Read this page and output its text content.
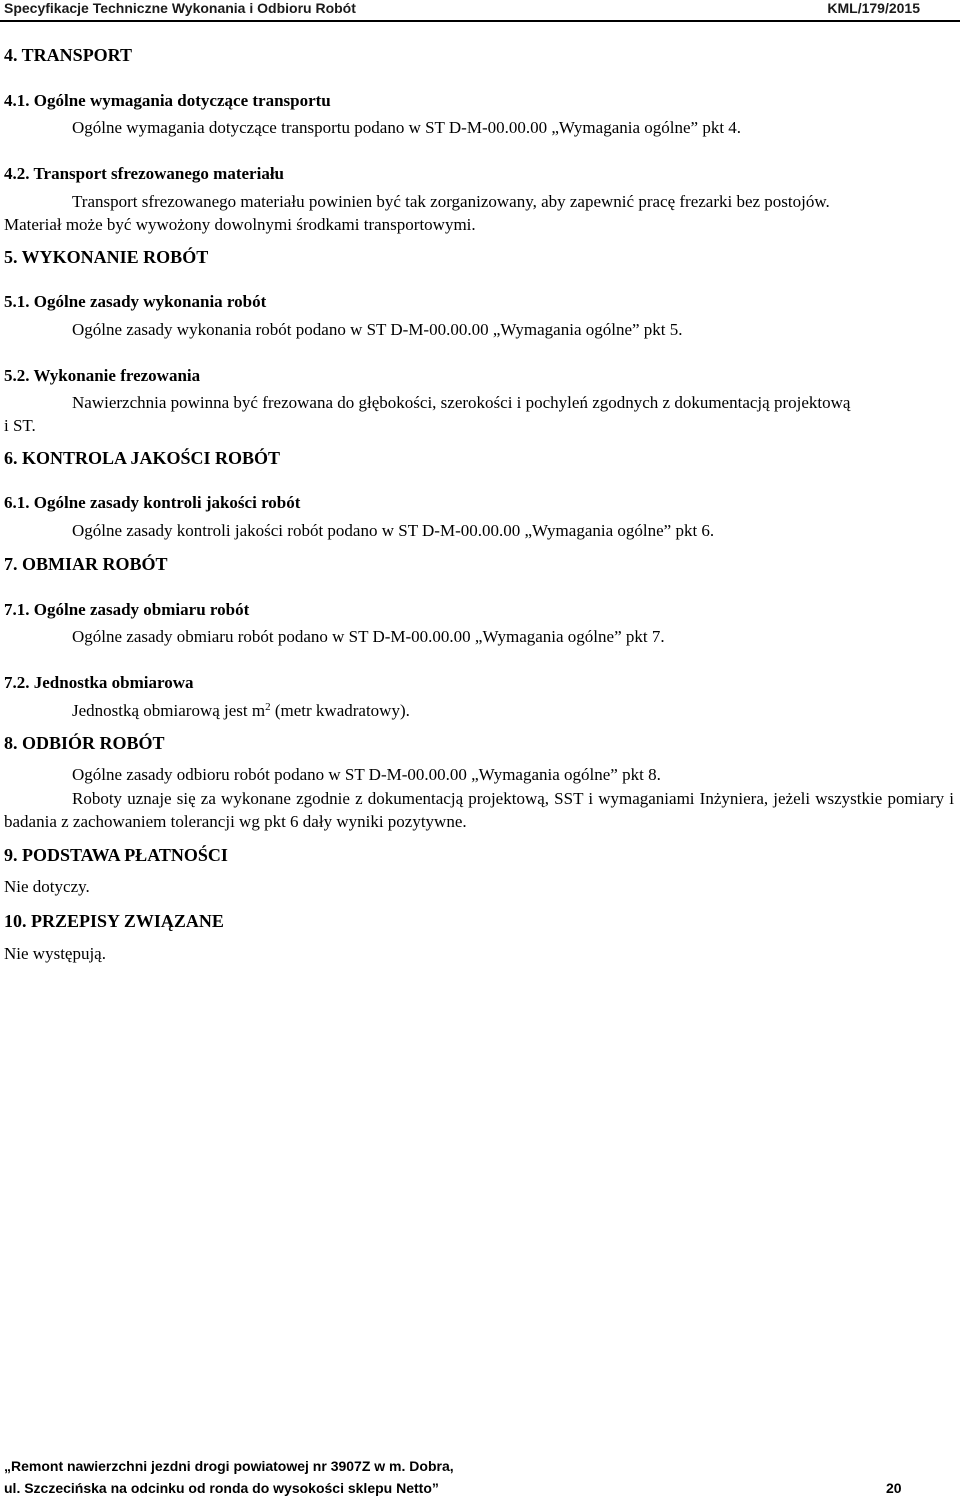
Specyfikacje Techniczne Wykonania i Odbioru Robót	KML/179/2015
4. TRANSPORT
4.1. Ogólne wymagania dotyczące transportu
Ogólne wymagania dotyczące transportu podano w ST D-M-00.00.00 „Wymagania ogólne” pkt 4.
4.2. Transport sfrezowanego materiału
Transport sfrezowanego materiału powinien być tak zorganizowany, aby zapewnić pracę frezarki bez postojów.
Materiał może być wywożony dowolnymi środkami transportowymi.
5. WYKONANIE ROBÓT
5.1. Ogólne zasady wykonania robót
Ogólne zasady wykonania robót podano w ST D-M-00.00.00 „Wymagania ogólne” pkt 5.
5.2. Wykonanie frezowania
Nawierzchnia powinna być frezowana do głębokości, szerokości i pochyleń zgodnych z dokumentacją projektową
i ST.
6. KONTROLA JAKOŚCI ROBÓT
6.1. Ogólne zasady kontroli jakości robót
Ogólne zasady kontroli jakości robót podano w ST D-M-00.00.00 „Wymagania ogólne” pkt 6.
7. OBMIAR ROBÓT
7.1. Ogólne zasady obmiaru robót
Ogólne zasady obmiaru robót podano w ST D-M-00.00.00 „Wymagania ogólne” pkt 7.
7.2. Jednostka obmiarowa
Jednostką obmiarową jest $m^2$ (metr kwadratowy).
8. ODBIÓR ROBÓT
Ogólne zasady odbioru robót podano w ST D-M-00.00.00 „Wymagania ogólne” pkt 8.
Roboty uznaje się za wykonane zgodnie z dokumentacją projektową, SST i wymaganiami Inżyniera, jeżeli wszystkie pomiary i badania z zachowaniem tolerancji wg pkt 6 dały wyniki pozytywne.
9. PODSTAWA PŁATNOŚCI
Nie dotyczy.
10. PRZEPISY ZWIĄZANE
Nie występują.
„Remont nawierzchni jezdni drogi powiatowej nr 3907Z w m. Dobra,
ul. Szczecińska na odcinku od ronda do wysokości sklepu Netto”	20
